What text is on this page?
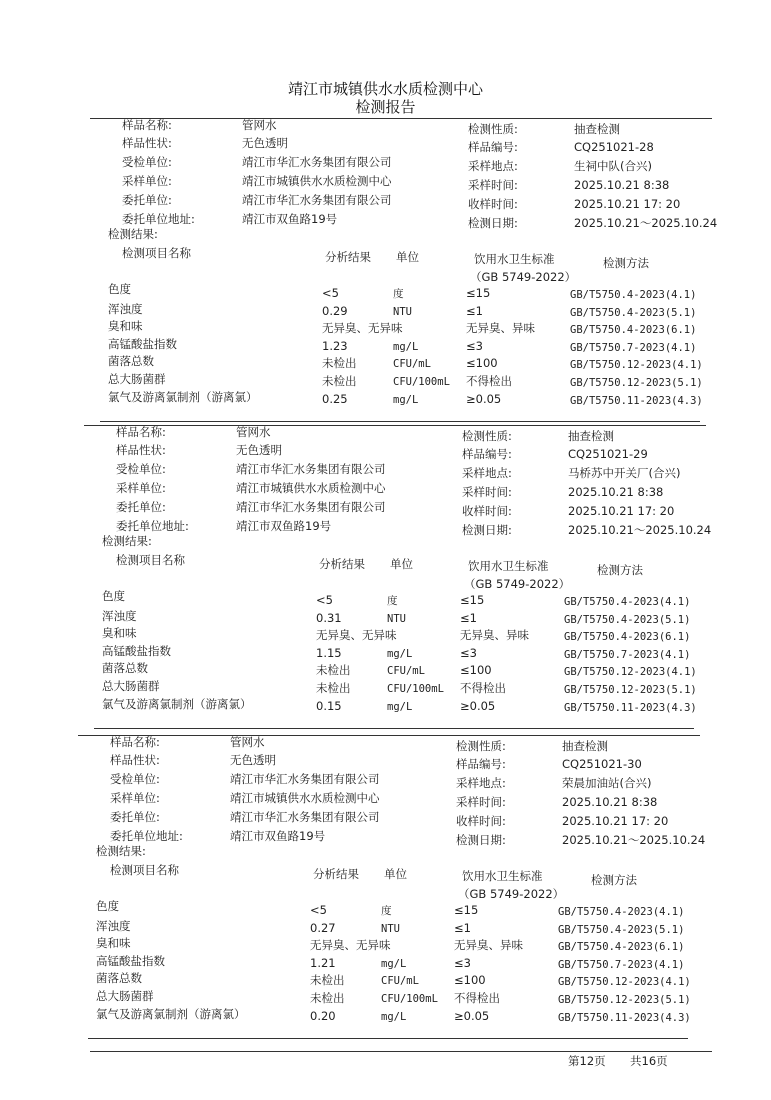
靖江市城镇供水水质检测中心
检测报告
样品名称:	管网水	检测性质:	抽查检测
样品性状:	无色透明	样品编号:	CQ251021-28
受检单位:	靖江市华汇水务集团有限公司	采样地点:	生祠中队(合兴)
采样单位:	靖江市城镇供水水质检测中心	采样时间:	2025.10.21 8:38
委托单位:	靖江市华汇水务集团有限公司	收样时间:	2025.10.21 17: 20
委托单位地址:	靖江市双鱼路19号	检测日期:	2025.10.21～2025.10.24
检测结果:
检测项目名称	分析结果 单位	饮用水卫生标准
（GB 5749-2022）
检测方法
色度	<5	度	≤15	GB/T5750.4-2023(4.1)
浑浊度	0.29	NTU	≤1	GB/T5750.4-2023(5.1)
臭和味	无异臭、无异味	无异臭、异味	GB/T5750.4-2023(6.1)
高锰酸盐指数	1.23	mg/L	≤3	GB/T5750.7-2023(4.1)
菌落总数	未检出	CFU/mL	≤100	GB/T5750.12-2023(4.1)
总大肠菌群	未检出	CFU/100mL 不得检出	GB/T5750.12-2023(5.1)
氯气及游离氯制剂（游离氯）	0.25	mg/L	≥0.05	GB/T5750.11-2023(4.3)
样品名称:	管网水	检测性质:	抽查检测
样品性状:	无色透明	样品编号:	CQ251021-29
受检单位:	靖江市华汇水务集团有限公司	采样地点:	马桥苏中开关厂(合兴)
采样单位:	靖江市城镇供水水质检测中心	采样时间:	2025.10.21 8:38
委托单位:	靖江市华汇水务集团有限公司	收样时间:	2025.10.21 17: 20
委托单位地址:	靖江市双鱼路19号	检测日期:	2025.10.21～2025.10.24
检测结果:
检测项目名称	分析结果 单位	饮用水卫生标准
（GB 5749-2022）
检测方法
色度	<5	度	≤15	GB/T5750.4-2023(4.1)
浑浊度	0.31	NTU	≤1	GB/T5750.4-2023(5.1)
臭和味	无异臭、无异味	无异臭、异味	GB/T5750.4-2023(6.1)
高锰酸盐指数	1.15	mg/L	≤3	GB/T5750.7-2023(4.1)
菌落总数	未检出	CFU/mL	≤100	GB/T5750.12-2023(4.1)
总大肠菌群	未检出	CFU/100mL 不得检出	GB/T5750.12-2023(5.1)
氯气及游离氯制剂（游离氯）	0.15	mg/L	≥0.05	GB/T5750.11-2023(4.3)
样品名称:	管网水	检测性质:	抽查检测
样品性状:	无色透明	样品编号:	CQ251021-30
受检单位:	靖江市华汇水务集团有限公司	采样地点:	荣晨加油站(合兴)
采样单位:	靖江市城镇供水水质检测中心	采样时间:	2025.10.21 8:38
委托单位:	靖江市华汇水务集团有限公司	收样时间:	2025.10.21 17: 20
委托单位地址:	靖江市双鱼路19号	检测日期:	2025.10.21～2025.10.24
检测结果:
检测项目名称	分析结果 单位	饮用水卫生标准
（GB 5749-2022）
检测方法
色度	<5	度	≤15	GB/T5750.4-2023(4.1)
浑浊度	0.27	NTU	≤1	GB/T5750.4-2023(5.1)
臭和味	无异臭、无异味	无异臭、异味	GB/T5750.4-2023(6.1)
高锰酸盐指数	1.21	mg/L	≤3	GB/T5750.7-2023(4.1)
菌落总数	未检出	CFU/mL	≤100	GB/T5750.12-2023(4.1)
总大肠菌群	未检出	CFU/100mL 不得检出	GB/T5750.12-2023(5.1)
氯气及游离氯制剂（游离氯）	0.20	mg/L	≥0.05	GB/T5750.11-2023(4.3)
第12页 共16页
